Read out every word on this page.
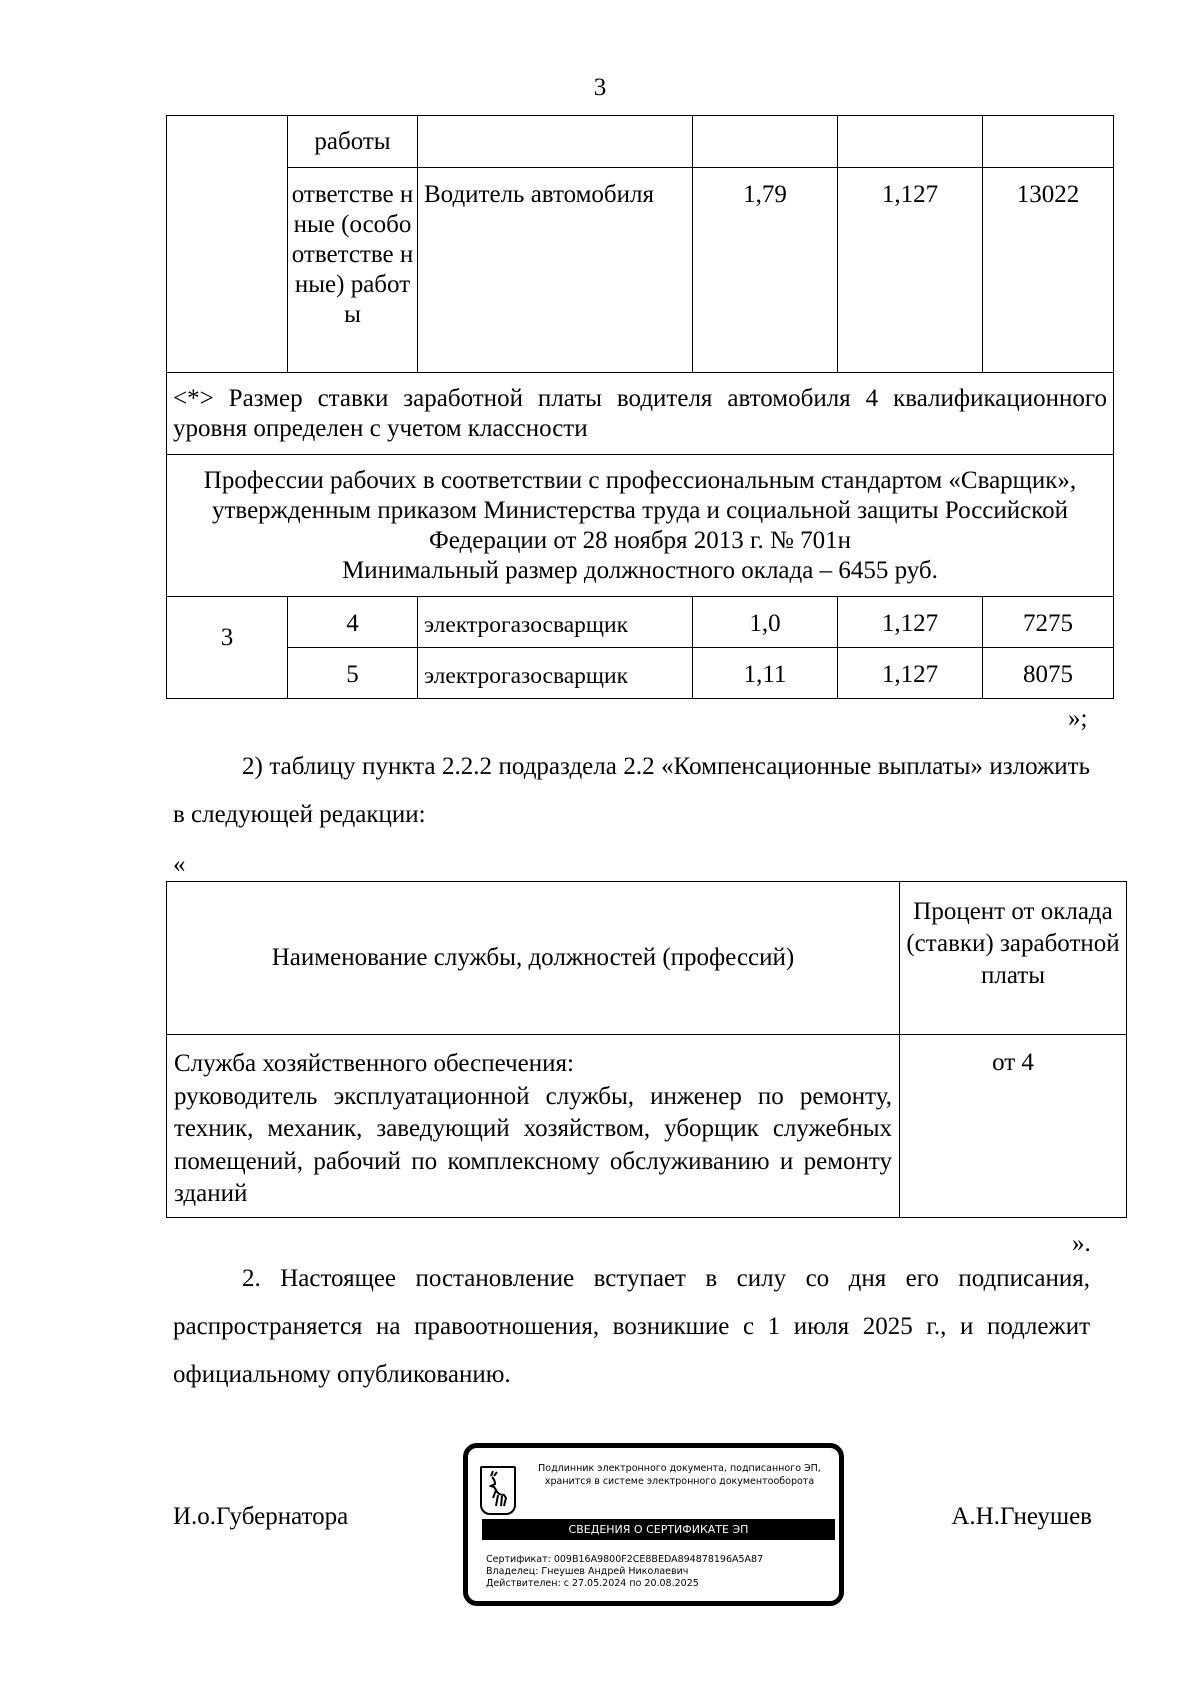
3
	работы				
	ответстве нные (особо ответстве нные) работы	Водитель автомобиля	1,79	1,127	13022
<*> Размер ставки заработной платы водителя автомобиля 4 квалификационного уровня определен с учетом классности					

Профессии рабочих в соответствии с профессиональным стандартом «Сварщик»,
утвержденным приказом Министерства труда и социальной защиты Российской
Федерации от 28 ноября 2013 г. № 701н
Минимальный размер должностного оклада – 6455 руб.					

3	4	электрогазосварщик	1,0	1,127	7275
	5	электрогазосварщик	1,11	1,127	8075
»;
2) таблицу пункта 2.2.2 подраздела 2.2 «Компенсационные выплаты» изложить в следующей редакции:
«
Наименование службы, должностей (профессий)	Процент от оклада (ставки) заработной платы

Служба хозяйственного обеспечения:
руководитель эксплуатационной службы, инженер по ремонту, техник, механик, заведующий хозяйством, уборщик служебных помещений, рабочий по комплексному обслуживанию и ремонту зданий	от 4
».
2. Настоящее постановление вступает в силу со дня его подписания, распространяется на правоотношения, возникшие с 1 июля 2025 г., и подлежит официальному опубликованию.
И.о.Губернатора	А.Н.Гнеушев
Подлинник электронного документа, подписанного ЭП, хранится в системе электронного документооборота
СВЕДЕНИЯ О СЕРТИФИКАТЕ ЭП
Сертификат: 009B16A9800F2CE8BEDA894878196A5A87
Владелец: Гнеушев Андрей Николаевич
Действителен: с 27.05.2024 по 20.08.2025
